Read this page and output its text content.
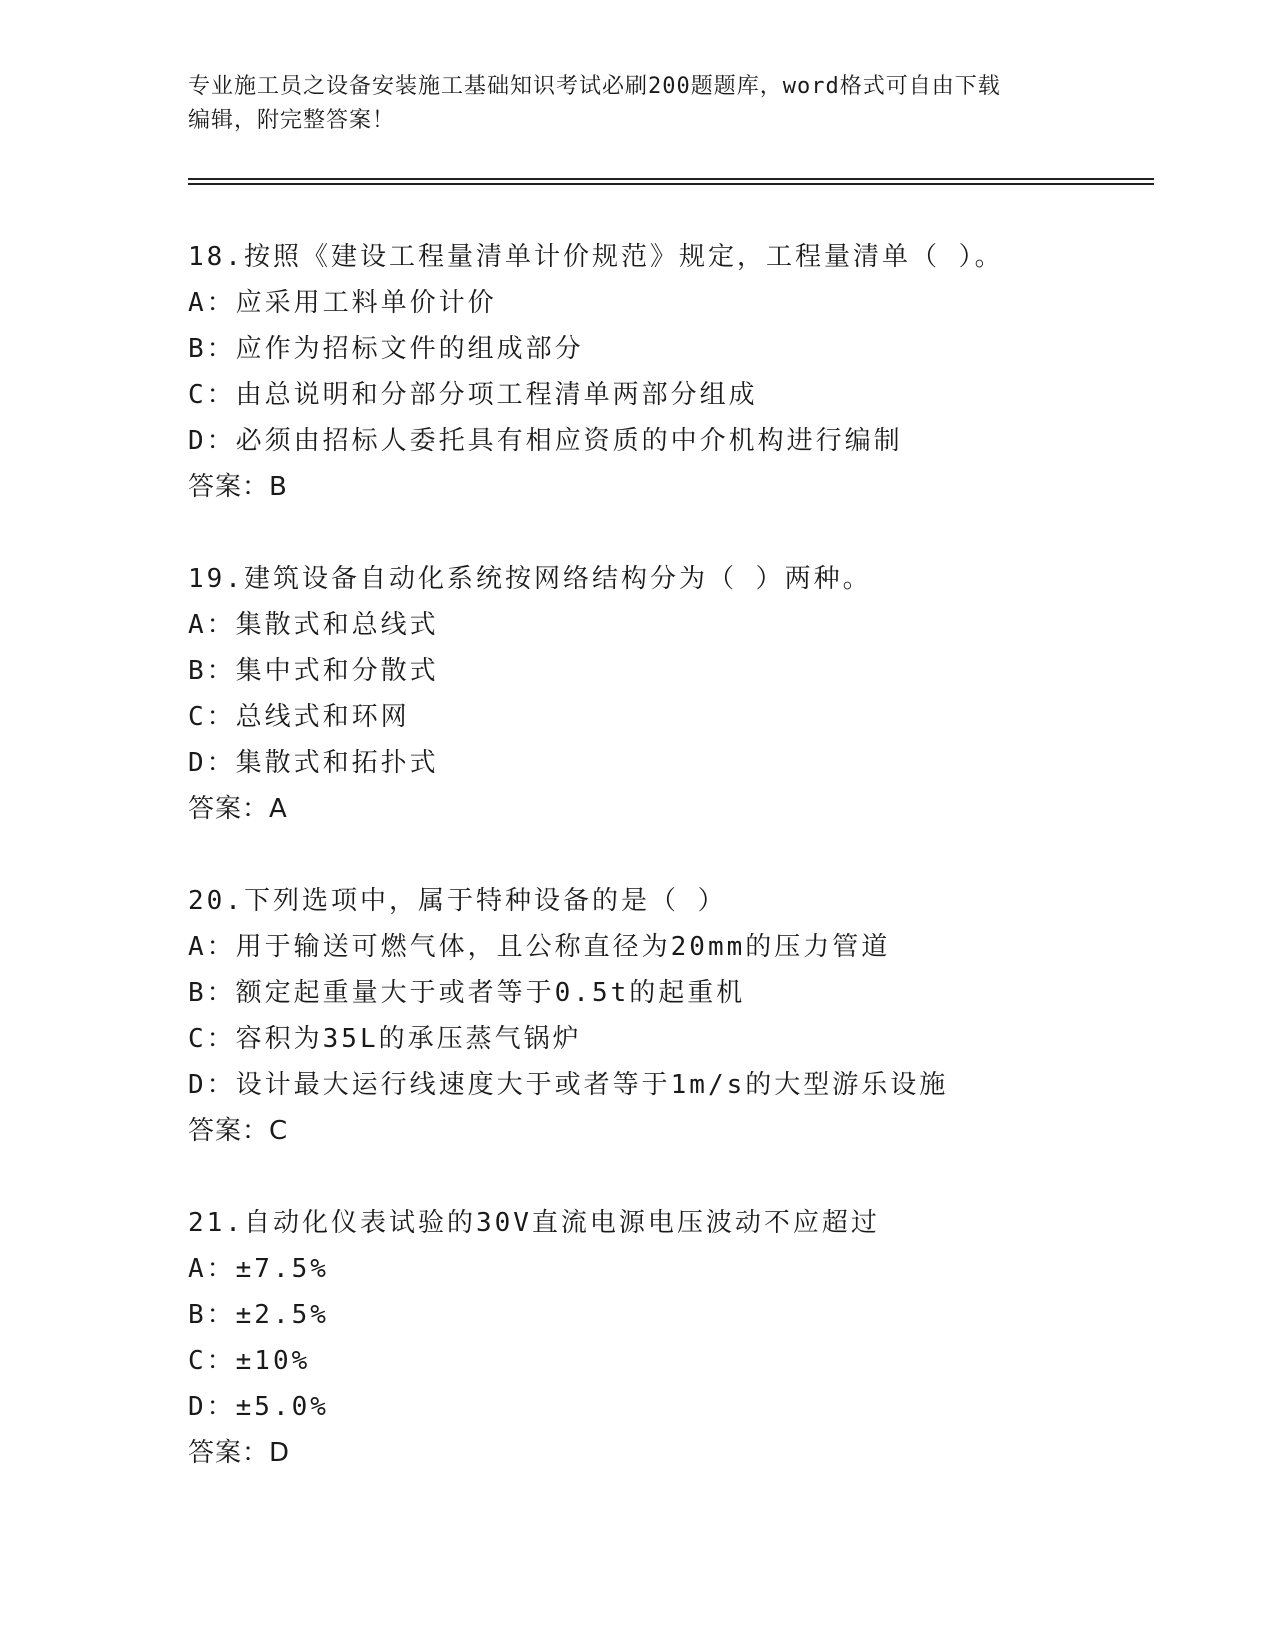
专业施工员之设备安装施工基础知识考试必刷200题题库，word格式可自由下载

编辑，附完整答案！

18.按照《建设工程量清单计价规范》规定，工程量清单（ ）。
A：应采用工料单价计价
B：应作为招标文件的组成部分
C：由总说明和分部分项工程清单两部分组成
D：必须由招标人委托具有相应资质的中介机构进行编制
答案：B
19.建筑设备自动化系统按网络结构分为（ ）两种。
A：集散式和总线式
B：集中式和分散式
C：总线式和环网
D：集散式和拓扑式
答案：A
20.下列选项中，属于特种设备的是（ ）
A：用于输送可燃气体，且公称直径为20mm的压力管道
B：额定起重量大于或者等于0.5t的起重机
C：容积为35L的承压蒸气锅炉
D：设计最大运行线速度大于或者等于1m/s的大型游乐设施
答案：C
21.自动化仪表试验的30V直流电源电压波动不应超过
A：±7.5%
B：±2.5%
C：±10%
D：±5.0%
答案：D
